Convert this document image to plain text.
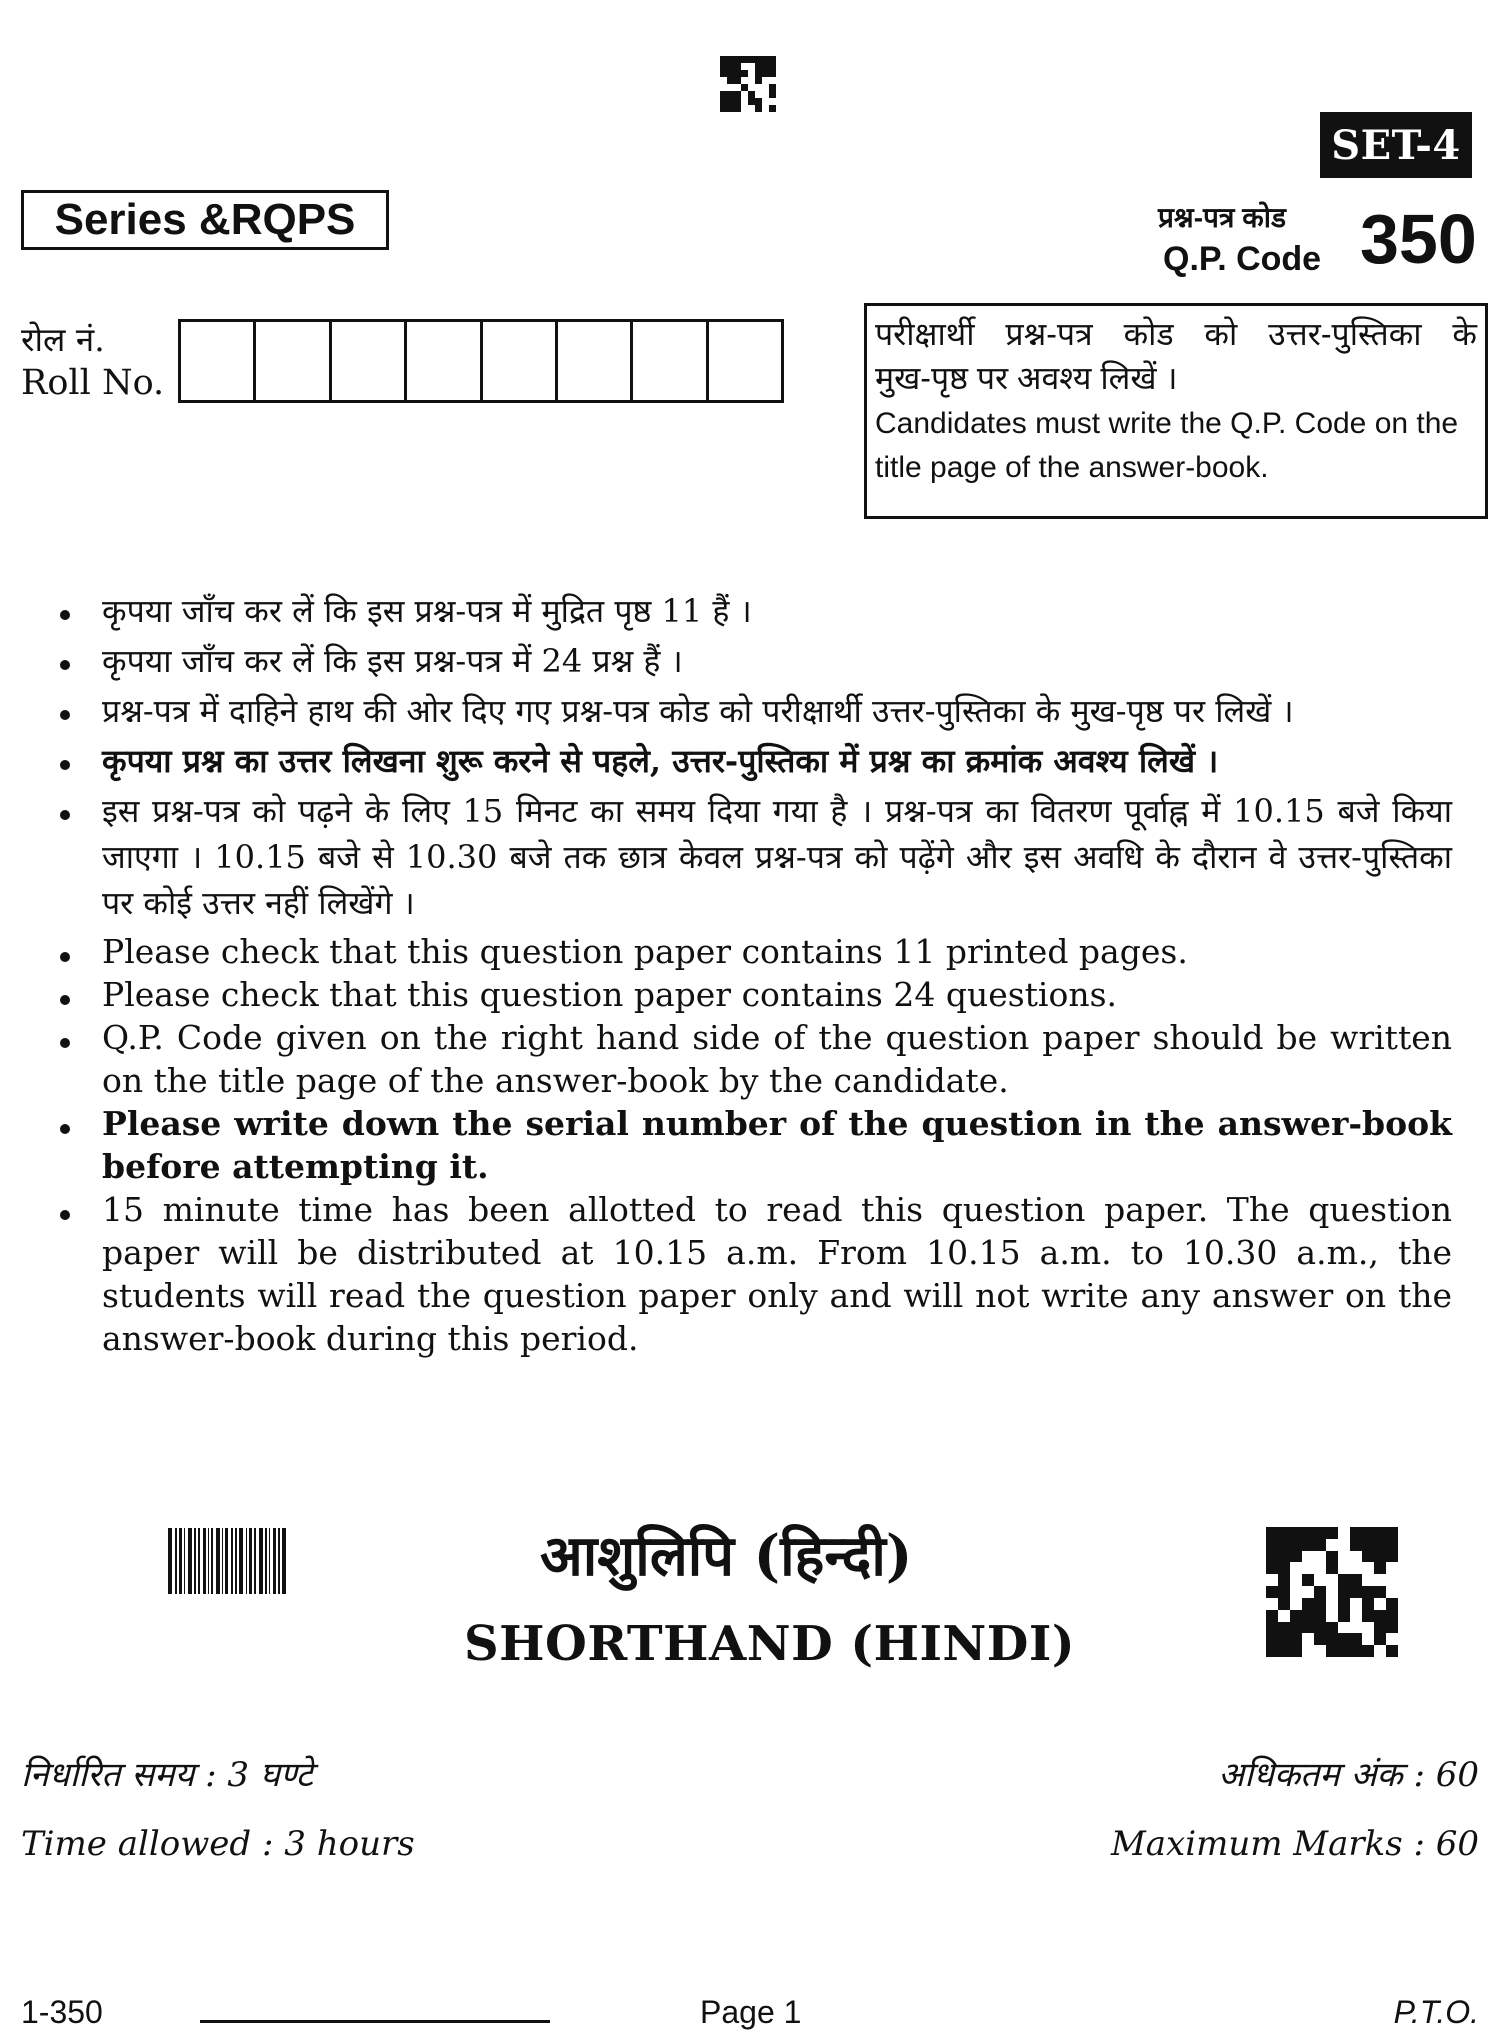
SET-4
Series &RQPS	प्रश्न-पत्र कोड
Q.P. Code 350
रोल नं.
Roll No.
परीक्षार्थी प्रश्न-पत्र कोड को उत्तर-पुस्तिका के
मुख-पृष्ठ पर अवश्य लिखें ।
Candidates must write the Q.P. Code on the title page of the answer-book.
कृपया जाँच कर लें कि इस प्रश्न-पत्र में मुद्रित पृष्ठ 11 हैं ।
कृपया जाँच कर लें कि इस प्रश्न-पत्र में 24 प्रश्न हैं ।
प्रश्न-पत्र में दाहिने हाथ की ओर दिए गए प्रश्न-पत्र कोड को परीक्षार्थी उत्तर-पुस्तिका के मुख-पृष्ठ पर लिखें ।
कृपया प्रश्न का उत्तर लिखना शुरू करने से पहले, उत्तर-पुस्तिका में प्रश्न का क्रमांक अवश्य लिखें ।
इस प्रश्न-पत्र को पढ़ने के लिए 15 मिनट का समय दिया गया है । प्रश्न-पत्र का वितरण पूर्वाह्न में 10.15 बजे किया जाएगा । 10.15 बजे से 10.30 बजे तक छात्र केवल प्रश्न-पत्र को पढ़ेंगे और इस अवधि के दौरान वे उत्तर-पुस्तिका पर कोई उत्तर नहीं लिखेंगे ।
Please check that this question paper contains 11 printed pages.
Please check that this question paper contains 24 questions.
Q.P. Code given on the right hand side of the question paper should be written on the title page of the answer-book by the candidate.
Please write down the serial number of the question in the answer-book before attempting it.
15 minute time has been allotted to read this question paper. The question paper will be distributed at 10.15 a.m. From 10.15 a.m. to 10.30 a.m., the students will read the question paper only and will not write any answer on the answer-book during this period.
आशुलिपि (हिन्दी)
SHORTHAND (HINDI)
निर्धारित समय : 3 घण्टे
Time allowed : 3 hours
अधिकतम अंक : 60
Maximum Marks : 60
1-350	Page 1	P.T.O.
